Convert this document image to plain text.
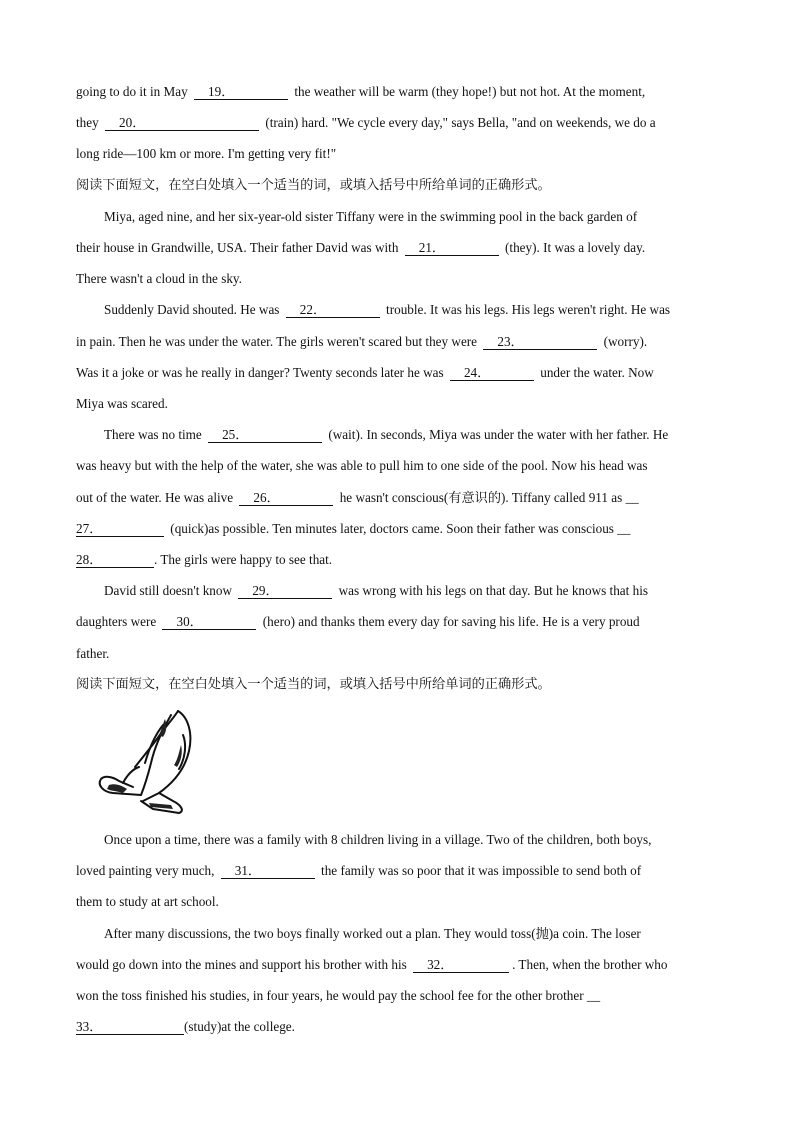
going to do it in May 19．	the weather will be warm (they hope!) but not hot. At the moment,
they 20．	(train) hard. "We cycle every day," says Bella, "and on weekends, we do a
long ride—100 km or more. I'm getting very fit!"
阅读下面短文，在空白处填入一个适当的词，或填入括号中所给单词的正确形式。
Miya, aged nine, and her six-year-old sister Tiffany were in the swimming pool in the back garden of
their house in Grandwille, USA. Their father David was with 21．	(they). It was a lovely day.
There wasn't a cloud in the sky.
Suddenly David shouted. He was 22．	trouble. It was his legs. His legs weren't right. He was
in pain. Then he was under the water. The girls weren't scared but they were 23．	(worry).
Was it a joke or was he really in danger? Twenty seconds later he was 24．	under the water. Now
Miya was scared.
There was no time 25．	(wait). In seconds, Miya was under the water with her father. He
was heavy but with the help of the water, she was able to pull him to one side of the pool. Now his head was
out of the water. He was alive 26．	he wasn't conscious(有意识的). Tiffany called 911 as __
27．	(quick)as possible. Ten minutes later, doctors came. Soon their father was conscious __
28．	. The girls were happy to see that.
David still doesn't know 29．	was wrong with his legs on that day. But he knows that his
daughters were 30．	(hero) and thanks them every day for saving his life. He is a very proud
father.
阅读下面短文，在空白处填入一个适当的词，或填入括号中所给单词的正确形式。
Once upon a time, there was a family with 8 children living in a village. Two of the children, both boys,
loved painting very much, 31．	the family was so poor that it was impossible to send both of
them to study at art school.
After many discussions, the two boys finally worked out a plan. They would toss(抛)a coin. The loser
would go down into the mines and support his brother with his 32．	. Then, when the brother who
won the toss finished his studies, in four years, he would pay the school fee for the other brother __
33．	(study)at the college.
